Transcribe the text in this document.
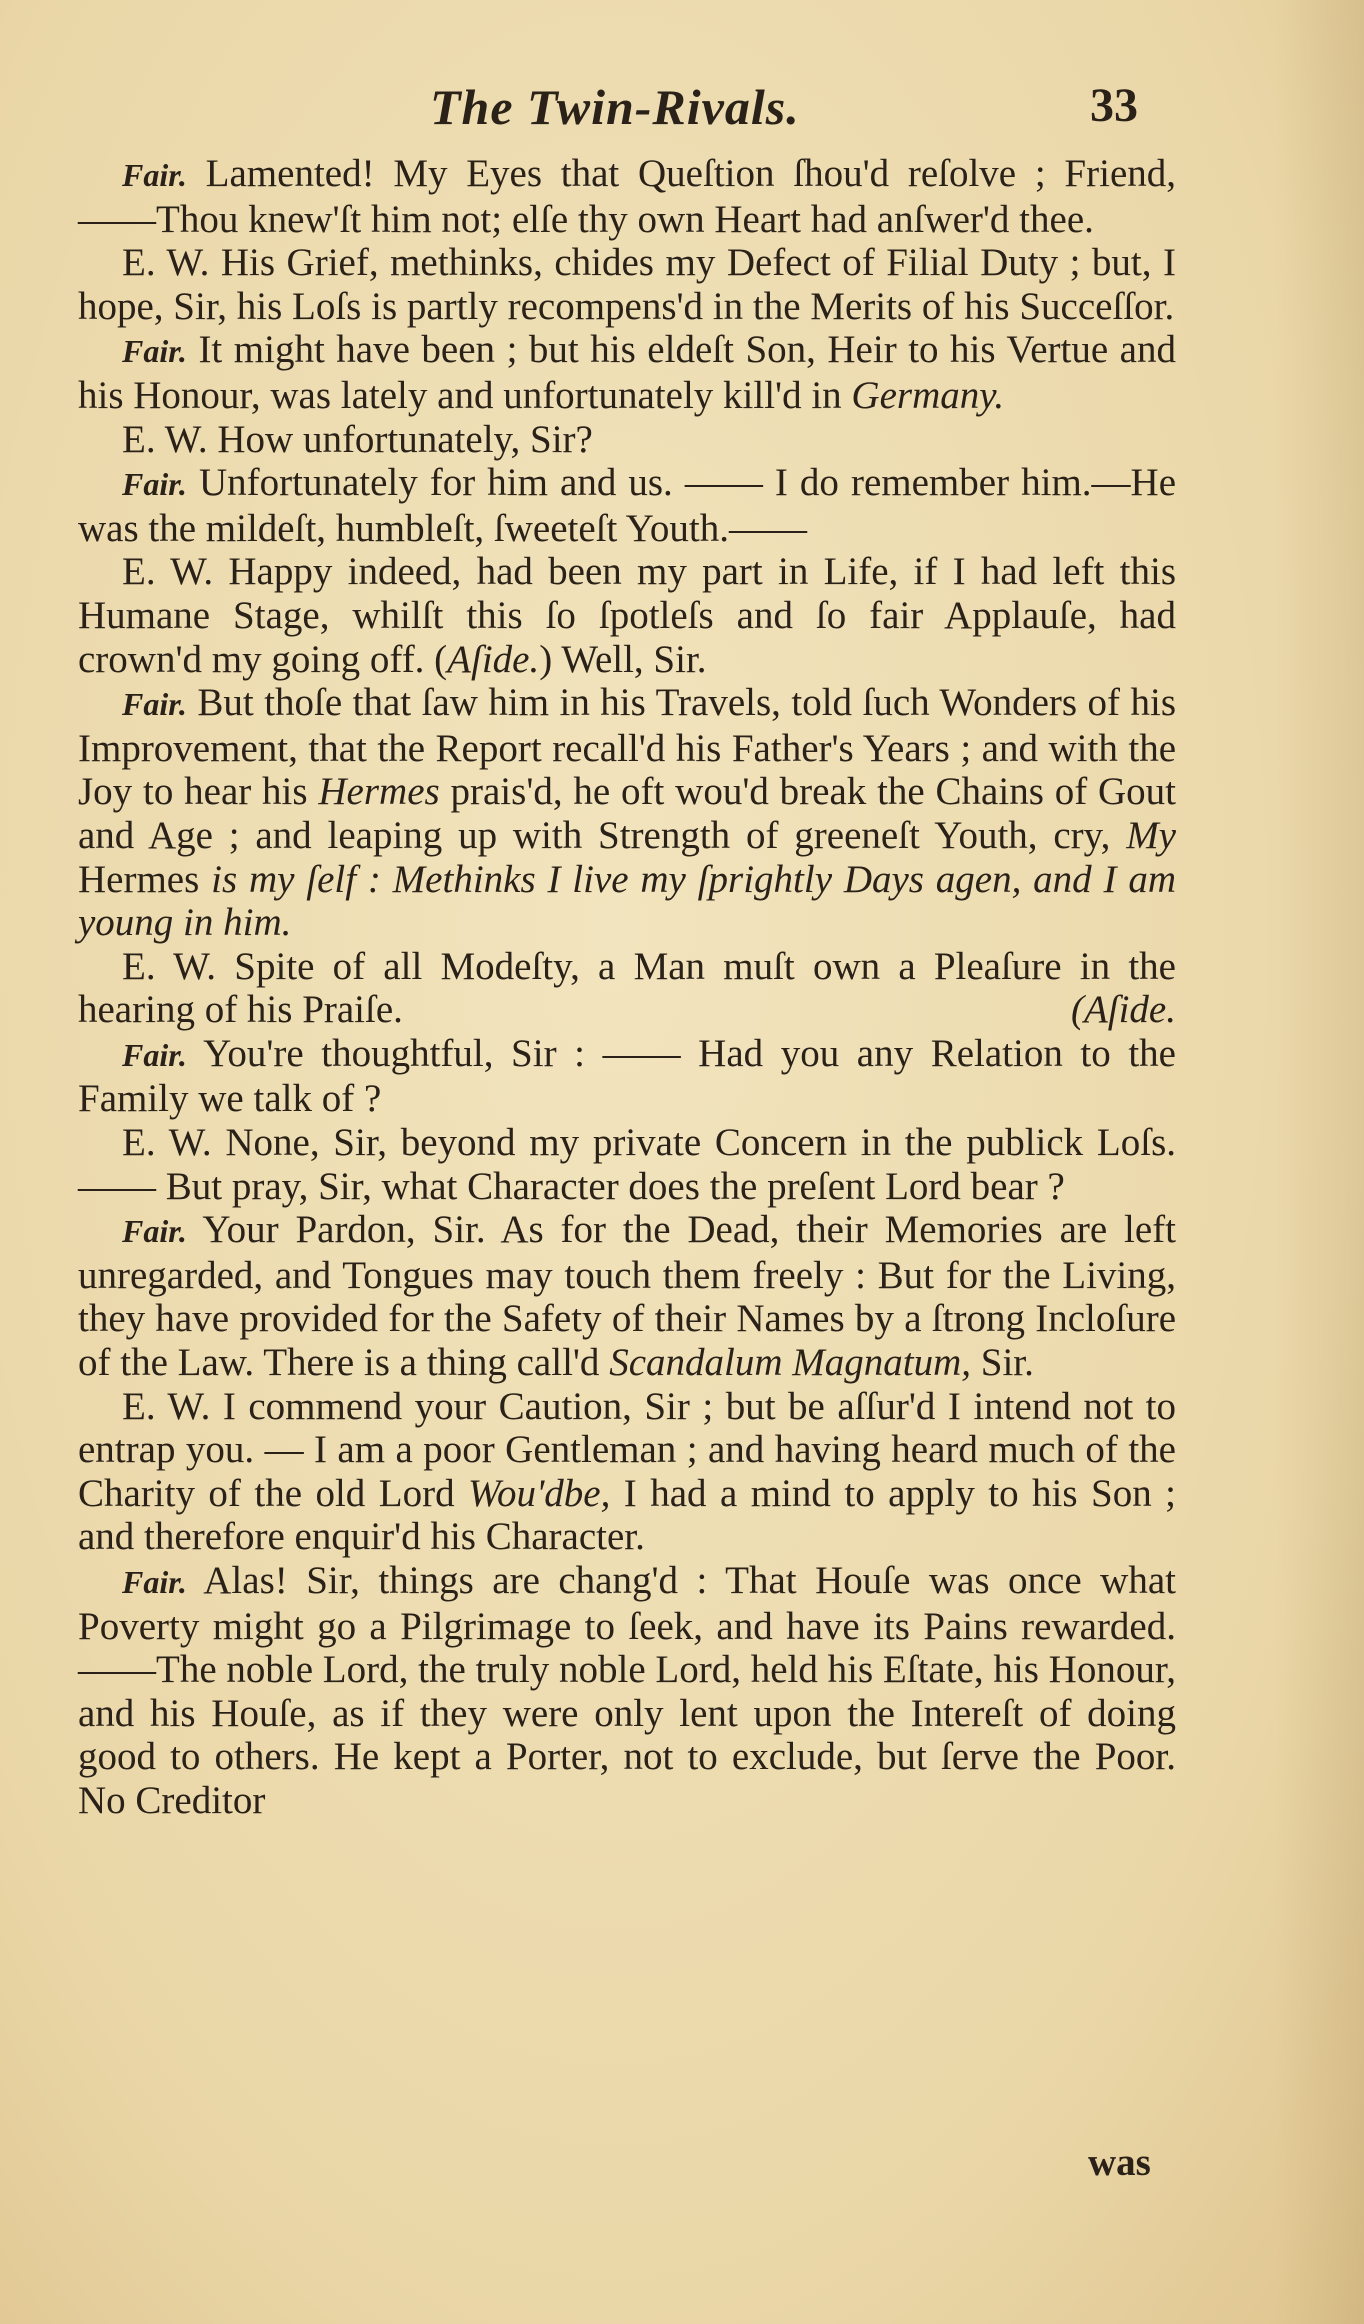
The Twin-Rivals.	33

Fair. Lamented! My Eyes that Queſtion ſhou'd reſolve ; Friend, ——Thou knew'ſt him not; elſe thy own Heart had anſwer'd thee.

E. W. His Grief, methinks, chides my Defect of Filial Duty ; but, I hope, Sir, his Loſs is partly recompens'd in the Merits of his Succeſſor.

Fair. It might have been ; but his eldeſt Son, Heir to his Vertue and his Honour, was lately and unfortunately kill'd in Germany.

E. W. How unfortunately, Sir?

Fair. Unfortunately for him and us. —— I do remember him.—He was the mildeſt, humbleſt, ſweeteſt Youth.——

E. W. Happy indeed, had been my part in Life, if I had left this Humane Stage, whilſt this ſo ſpotleſs and ſo fair Applauſe, had crown'd my going off. (Aſide.) Well, Sir.

Fair. But thoſe that ſaw him in his Travels, told ſuch Wonders of his Improvement, that the Report recall'd his Father's Years ; and with the Joy to hear his Hermes prais'd, he oft wou'd break the Chains of Gout and Age ; and leaping up with Strength of greeneſt Youth, cry, My Hermes is my ſelf : Methinks I live my ſprightly Days agen, and I am young in him.

E. W. Spite of all Modeſty, a Man muſt own a Pleaſure in the hearing of his Praiſe.	(Aſide.

Fair. You're thoughtful, Sir : —— Had you any Relation to the Family we talk of ?

E. W. None, Sir, beyond my private Concern in the publick Loſs. —— But pray, Sir, what Character does the preſent Lord bear ?

Fair. Your Pardon, Sir. As for the Dead, their Memories are left unregarded, and Tongues may touch them freely : But for the Living, they have provided for the Safety of their Names by a ſtrong Incloſure of the Law. There is a thing call'd Scandalum Magnatum, Sir.

E. W. I commend your Caution, Sir ; but be aſſur'd I intend not to entrap you. — I am a poor Gentleman ; and having heard much of the Charity of the old Lord Wou'dbe, I had a mind to apply to his Son ; and therefore enquir'd his Character.

Fair. Alas! Sir, things are chang'd : That Houſe was once what Poverty might go a Pilgrimage to ſeek, and have its Pains rewarded. ——The noble Lord, the truly noble Lord, held his Eſtate, his Honour, and his Houſe, as if they were only lent upon the Intereſt of doing good to others. He kept a Porter, not to exclude, but ſerve the Poor. No Creditor

was
